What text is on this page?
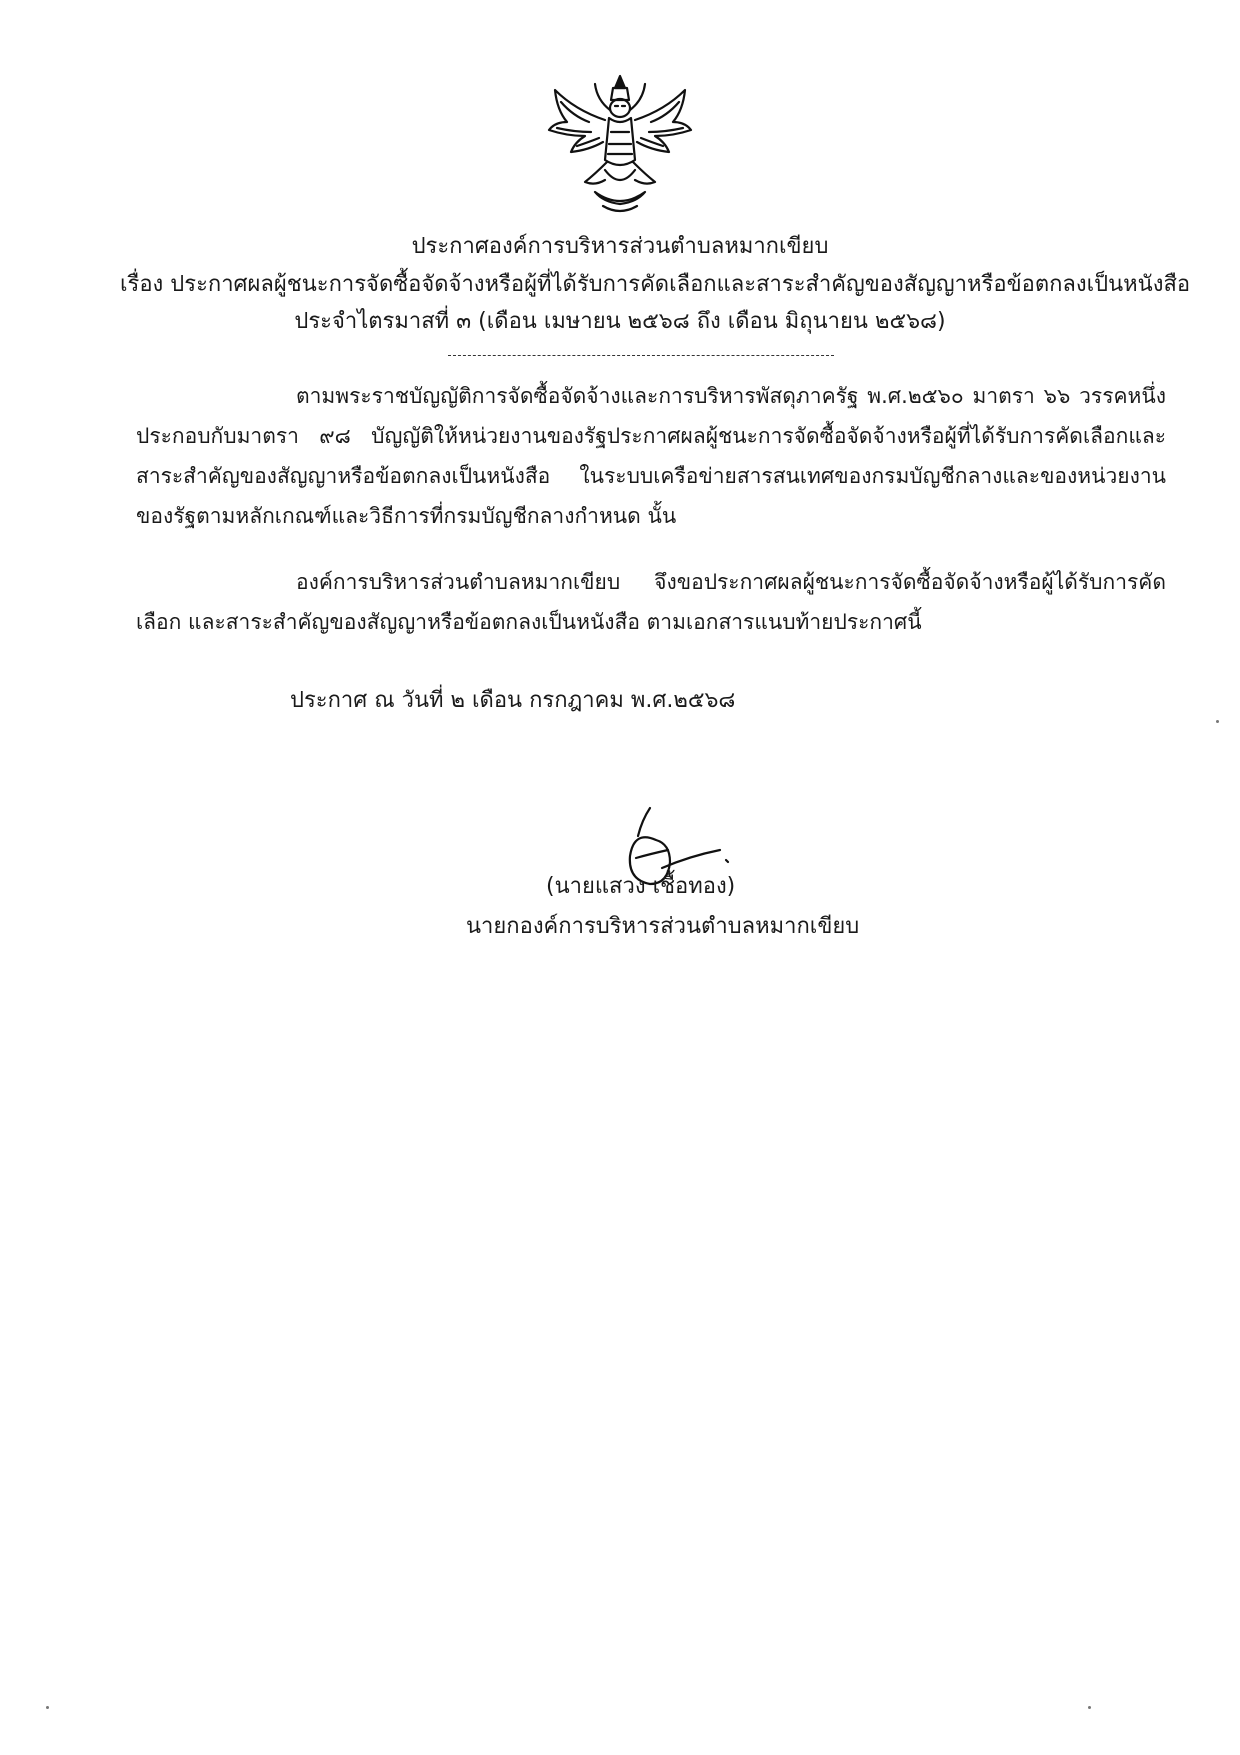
ประกาศองค์การบริหารส่วนตำบลหมากเขียบ
เรื่อง ประกาศผลผู้ชนะการจัดซื้อจัดจ้างหรือผู้ที่ได้รับการคัดเลือกและสาระสำคัญของสัญญาหรือข้อตกลงเป็นหนังสือ
ประจำไตรมาสที่ ๓ (เดือน เมษายน ๒๕๖๘ ถึง เดือน มิถุนายน ๒๕๖๘)
ตามพระราชบัญญัติการจัดซื้อจัดจ้างและการบริหารพัสดุภาครัฐ พ.ศ.๒๕๖๐ มาตรา ๖๖ วรรคหนึ่ง ประกอบกับมาตรา ๙๘ บัญญัติให้หน่วยงานของรัฐประกาศผลผู้ชนะการจัดซื้อจัดจ้างหรือผู้ที่ได้รับการคัดเลือกและสาระสำคัญของสัญญาหรือข้อตกลงเป็นหนังสือ ในระบบเครือข่ายสารสนเทศของกรมบัญชีกลางและของหน่วยงานของรัฐตามหลักเกณฑ์และวิธีการที่กรมบัญชีกลางกำหนด นั้น
องค์การบริหารส่วนตำบลหมากเขียบ จึงขอประกาศผลผู้ชนะการจัดซื้อจัดจ้างหรือผู้ได้รับการคัดเลือก และสาระสำคัญของสัญญาหรือข้อตกลงเป็นหนังสือ ตามเอกสารแนบท้ายประกาศนี้
ประกาศ ณ วันที่ ๒ เดือน กรกฎาคม พ.ศ.๒๕๖๘
(นายแสวง เชื้อทอง)
นายกองค์การบริหารส่วนตำบลหมากเขียบ
